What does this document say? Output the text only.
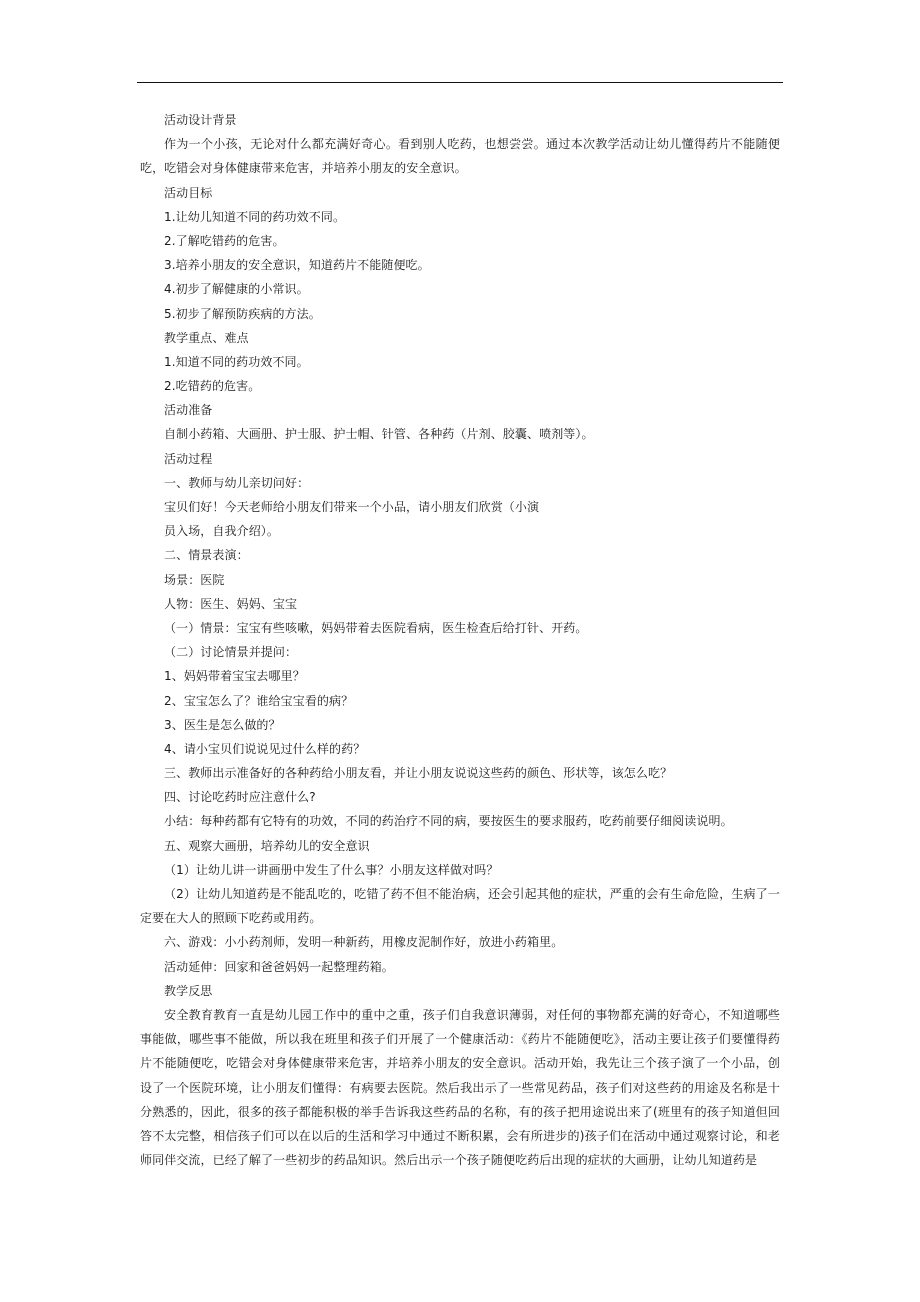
活动设计背景
作为一个小孩，无论对什么都充满好奇心。看到别人吃药，也想尝尝。通过本次教学活动让幼儿懂得药片不能随便吃，吃错会对身体健康带来危害，并培养小朋友的安全意识。
活动目标
1.让幼儿知道不同的药功效不同。
2.了解吃错药的危害。
3.培养小朋友的安全意识，知道药片不能随便吃。
4.初步了解健康的小常识。
5.初步了解预防疾病的方法。
教学重点、难点
1.知道不同的药功效不同。
2.吃错药的危害。
活动准备
自制小药箱、大画册、护士服、护士帽、针管、各种药（片剂、胶囊、喷剂等）。
活动过程
一、教师与幼儿亲切问好：
宝贝们好！今天老师给小朋友们带来一个小品，请小朋友们欣赏（小演
员入场，自我介绍）。
二、情景表演：
场景：医院
人物：医生、妈妈、宝宝
（一）情景：宝宝有些咳嗽，妈妈带着去医院看病，医生检查后给打针、开药。
（二）讨论情景并提问：
1、妈妈带着宝宝去哪里？
2、宝宝怎么了？谁给宝宝看的病？
3、医生是怎么做的？
4、请小宝贝们说说见过什么样的药？
三、教师出示准备好的各种药给小朋友看，并让小朋友说说这些药的颜色、形状等，该怎么吃？
四、讨论吃药时应注意什么?
小结：每种药都有它特有的功效，不同的药治疗不同的病，要按医生的要求服药，吃药前要仔细阅读说明。
五、观察大画册，培养幼儿的安全意识
（1）让幼儿讲一讲画册中发生了什么事？小朋友这样做对吗？
（2）让幼儿知道药是不能乱吃的，吃错了药不但不能治病，还会引起其他的症状，严重的会有生命危险，生病了一定要在大人的照顾下吃药或用药。
六、游戏：小小药剂师，发明一种新药，用橡皮泥制作好，放进小药箱里。
活动延伸：回家和爸爸妈妈一起整理药箱。
教学反思
安全教育教育一直是幼儿园工作中的重中之重，孩子们自我意识薄弱，对任何的事物都充满的好奇心，不知道哪些事能做，哪些事不能做，所以我在班里和孩子们开展了一个健康活动：《药片不能随便吃》，活动主要让孩子们要懂得药片不能随便吃，吃错会对身体健康带来危害，并培养小朋友的安全意识。活动开始，我先让三个孩子演了一个小品，创设了一个医院环境，让小朋友们懂得：有病要去医院。然后我出示了一些常见药品，孩子们对这些药的用途及名称是十分熟悉的，因此，很多的孩子都能积极的举手告诉我这些药品的名称，有的孩子把用途说出来了(班里有的孩子知道但回答不太完整，相信孩子们可以在以后的生活和学习中通过不断积累，会有所进步的)孩子们在活动中通过观察讨论，和老师同伴交流，已经了解了一些初步的药品知识。然后出示一个孩子随便吃药后出现的症状的大画册，让幼儿知道药是
